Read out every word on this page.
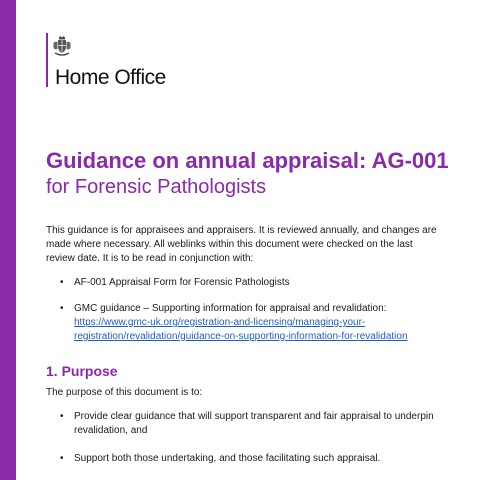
Home Office
Guidance on annual appraisal: AG-001
for Forensic Pathologists

This guidance is for appraisees and appraisers. It is reviewed annually, and changes are
made where necessary. All weblinks within this document were checked on the last
review date. It is to be read in conjunction with:

• AF-001 Appraisal Form for Forensic Pathologists
• GMC guidance – Supporting information for appraisal and revalidation:
https://www.gmc-uk.org/registration-and-licensing/managing-your-
registration/revalidation/guidance-on-supporting-information-for-revalidation
1. Purpose

The purpose of this document is to:

• Provide clear guidance that will support transparent and fair appraisal to underpin
revalidation, and
• Support both those undertaking, and those facilitating such appraisal.
